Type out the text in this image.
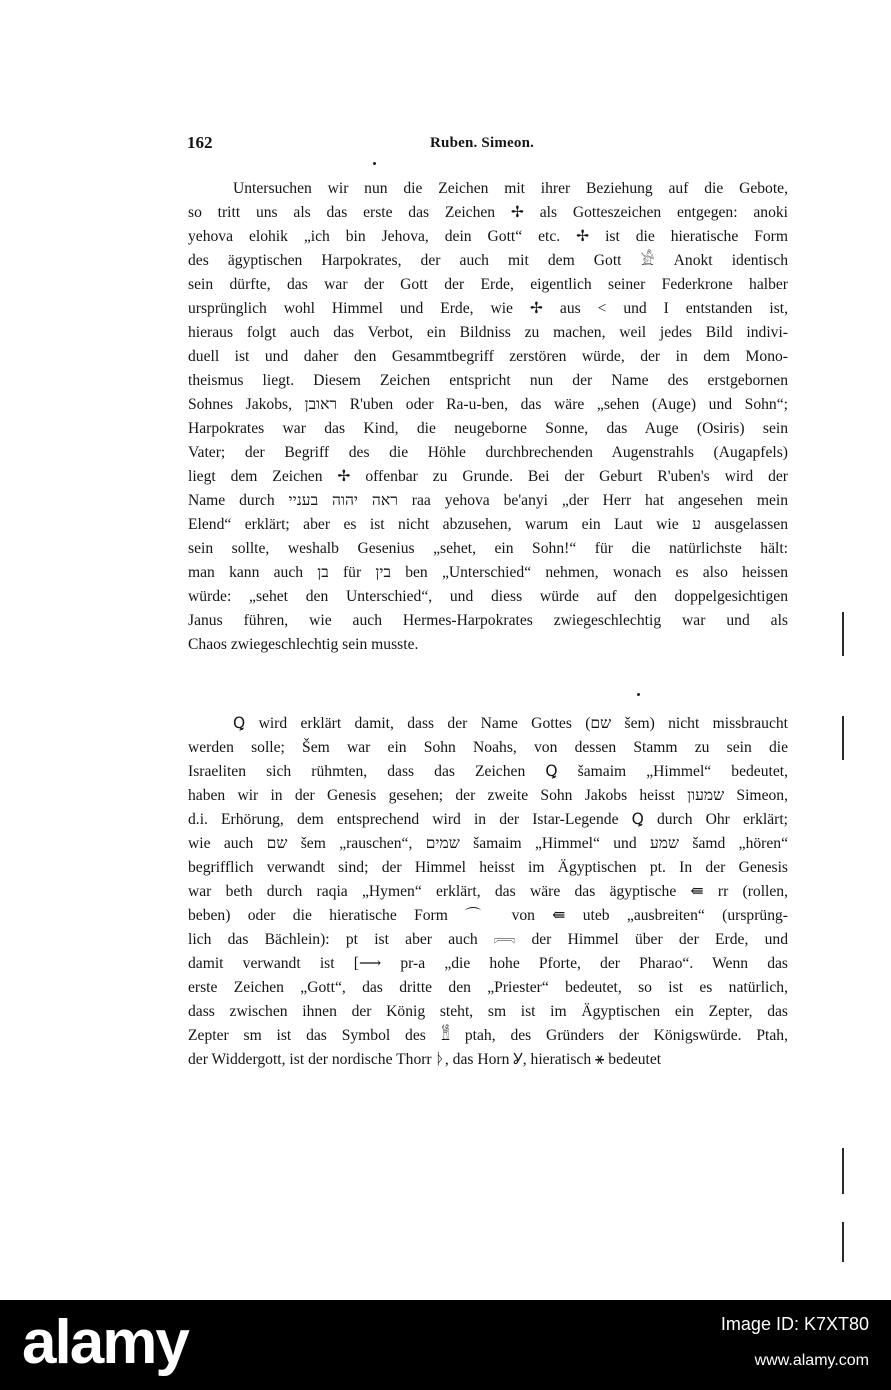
162	Ruben. Simeon.
Untersuchen wir nun die Zeichen mit ihrer Beziehung auf die Gebote,
so tritt uns als das erste das Zeichen ✢ als Gotteszeichen entgegen: anoki
yehova elohik „ich bin Jehova, dein Gott“ etc. ✢ ist die hieratische Form
des ägyptischen Harpokrates, der auch mit dem Gott 𓀀 Anokt identisch
sein dürfte, das war der Gott der Erde, eigentlich seiner Federkrone halber
ursprünglich wohl Himmel und Erde, wie ✢ aus < und I entstanden ist,
hieraus folgt auch das Verbot, ein Bildniss zu machen, weil jedes Bild indivi-
duell ist und daher den Gesammtbegriff zerstören würde, der in dem Mono-
theismus liegt. Diesem Zeichen entspricht nun der Name des erstgebornen
Sohnes Jakobs, ראובן R'uben oder Ra-u-ben, das wäre „sehen (Auge) und Sohn“;
Harpokrates war das Kind, die neugeborne Sonne, das Auge (Osiris) sein
Vater; der Begriff des die Höhle durchbrechenden Augenstrahls (Augapfels)
liegt dem Zeichen ✢ offenbar zu Grunde. Bei der Geburt R'uben's wird der
Name durch ראה יהוה בעניי raa yehova be'anyi „der Herr hat angesehen mein
Elend“ erklärt; aber es ist nicht abzusehen, warum ein Laut wie ע ausgelassen
sein sollte, weshalb Gesenius „sehet, ein Sohn!“ für die natürlichste hält:
man kann auch בן für בין ben „Unterschied“ nehmen, wonach es also heissen
würde: „sehet den Unterschied“, und diess würde auf den doppelgesichtigen
Janus führen, wie auch Hermes-Harpokrates zwiegeschlechtig war und als
Chaos zwiegeschlechtig sein musste.
Ꝗ wird erklärt damit, dass der Name Gottes (שם šem) nicht missbraucht
werden solle; Šem war ein Sohn Noahs, von dessen Stamm zu sein die
Israeliten sich rühmten, dass das Zeichen Ꝗ šamaim „Himmel“ bedeutet,
haben wir in der Genesis gesehen; der zweite Sohn Jakobs heisst שמעון Simeon,
d.i. Erhörung, dem entsprechend wird in der Istar-Legende Ꝗ durch Ohr erklärt;
wie auch שם šem „rauschen“, שמים šamaim „Himmel“ und שמע šamd „hören“
begrifflich verwandt sind; der Himmel heisst im Ägyptischen pt. In der Genesis
war beth durch raqia „Hymen“ erklärt, das wäre das ägyptische ⇚ rr (rollen,
beben) oder die hieratische Form ⌒ von ⇚ uteb „ausbreiten“ (ursprüng-
lich das Bächlein): pt ist aber auch 𓇯 der Himmel über der Erde, und
damit verwandt ist [⟶ pr-a „die hohe Pforte, der Pharao“. Wenn das
erste Zeichen „Gott“, das dritte den „Priester“ bedeutet, so ist es natürlich,
dass zwischen ihnen der König steht, sm ist im Ägyptischen ein Zepter, das
Zepter sm ist das Symbol des 𓁰 ptah, des Gründers der Königswürde. Ptah,
der Widdergott, ist der nordische Thorr ᚦ, das Horn Ỿ, hieratisch ⚹ bedeutet
alamy	Image ID: K7XT80
www.alamy.com
